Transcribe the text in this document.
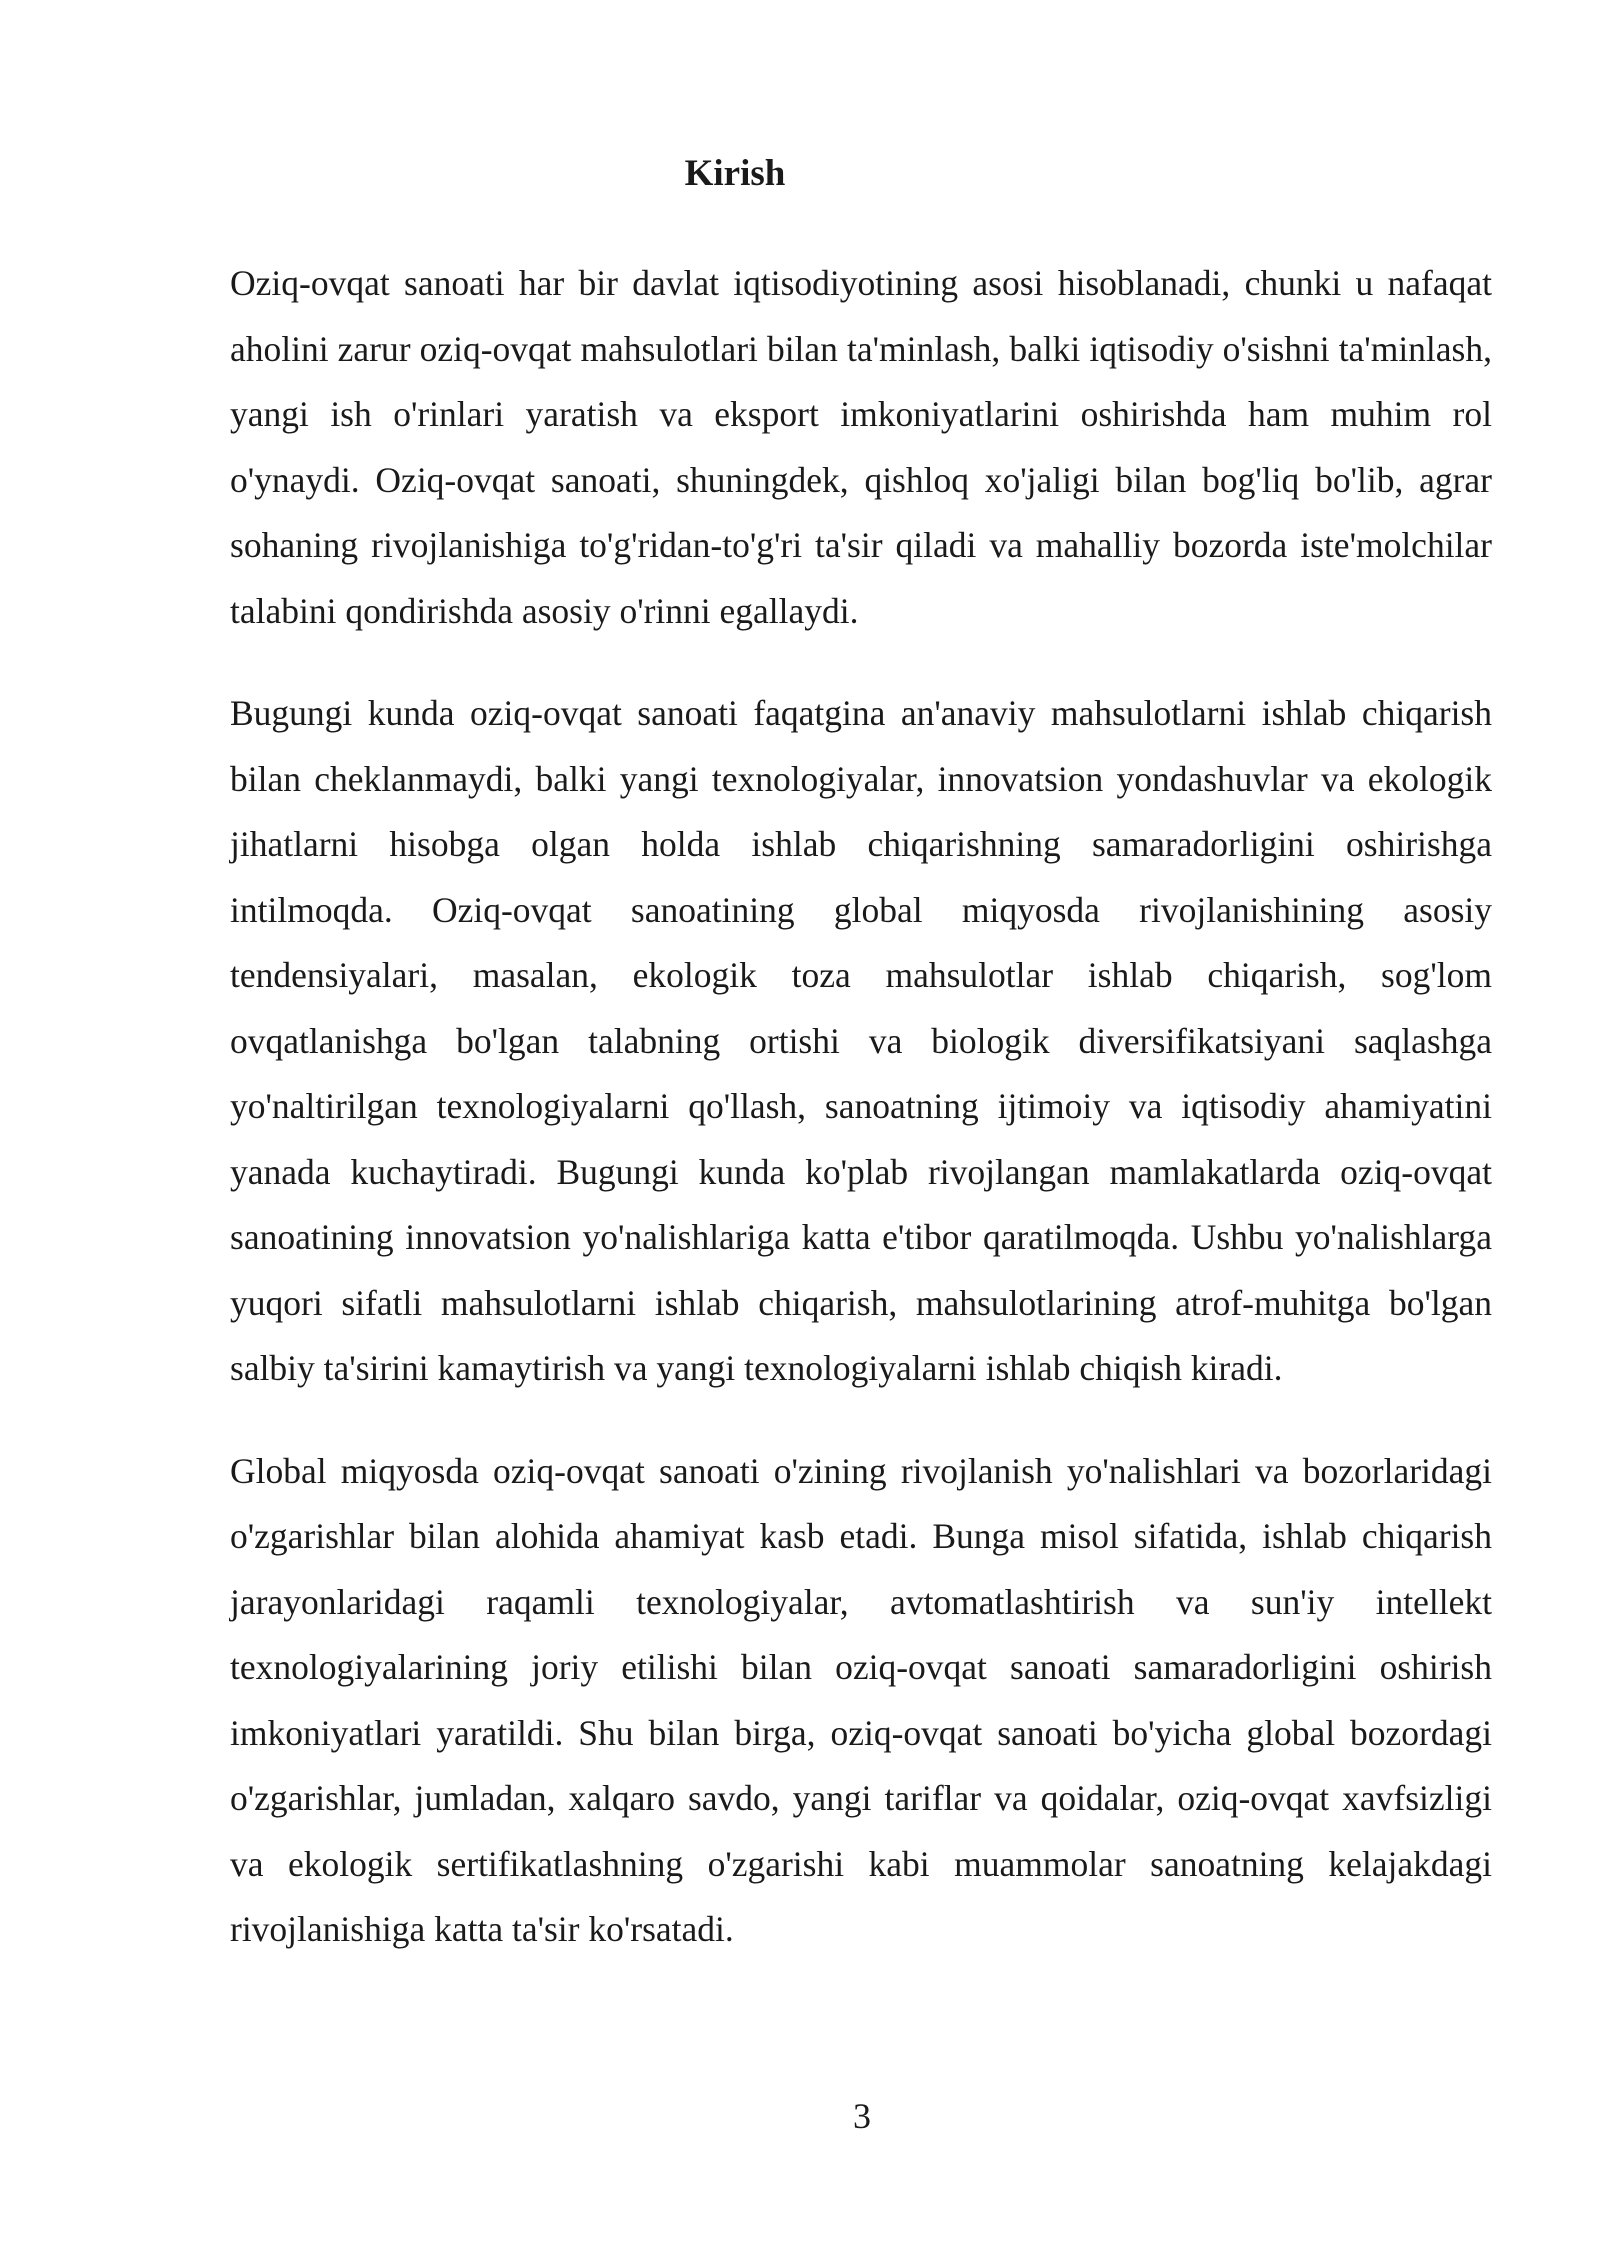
Kirish

Oziq-ovqat sanoati har bir davlat iqtisodiyotining asosi hisoblanadi, chunki u nafaqat aholini zarur oziq-ovqat mahsulotlari bilan ta'minlash, balki iqtisodiy o'sishni ta'minlash, yangi ish o'rinlari yaratish va eksport imkoniyatlarini oshirishda ham muhim rol o'ynaydi. Oziq-ovqat sanoati, shuningdek, qishloq xo'jaligi bilan bog'liq bo'lib, agrar sohaning rivojlanishiga to'g'ridan-to'g'ri ta'sir qiladi va mahalliy bozorda iste'molchilar talabini qondirishda asosiy o'rinni egallaydi.

Bugungi kunda oziq-ovqat sanoati faqatgina an'anaviy mahsulotlarni ishlab chiqarish bilan cheklanmaydi, balki yangi texnologiyalar, innovatsion yondashuvlar va ekologik jihatlarni hisobga olgan holda ishlab chiqarishning samaradorligini oshirishga intilmoqda. Oziq-ovqat sanoatining global miqyosda rivojlanishining asosiy tendensiyalari, masalan, ekologik toza mahsulotlar ishlab chiqarish, sog'lom ovqatlanishga bo'lgan talabning ortishi va biologik diversifikatsiyani saqlashga yo'naltirilgan texnologiyalarni qo'llash, sanoatning ijtimoiy va iqtisodiy ahamiyatini yanada kuchaytiradi. Bugungi kunda ko'plab rivojlangan mamlakatlarda oziq-ovqat sanoatining innovatsion yo'nalishlariga katta e'tibor qaratilmoqda. Ushbu yo'nalishlarga yuqori sifatli mahsulotlarni ishlab chiqarish, mahsulotlarining atrof-muhitga bo'lgan salbiy ta'sirini kamaytirish va yangi texnologiyalarni ishlab chiqish kiradi.

Global miqyosda oziq-ovqat sanoati o'zining rivojlanish yo'nalishlari va bozorlaridagi o'zgarishlar bilan alohida ahamiyat kasb etadi. Bunga misol sifatida, ishlab chiqarish jarayonlaridagi raqamli texnologiyalar, avtomatlashtirish va sun'iy intellekt texnologiyalarining joriy etilishi bilan oziq-ovqat sanoati samaradorligini oshirish imkoniyatlari yaratildi. Shu bilan birga, oziq-ovqat sanoati bo'yicha global bozordagi o'zgarishlar, jumladan, xalqaro savdo, yangi tariflar va qoidalar, oziq-ovqat xavfsizligi va ekologik sertifikatlashning o'zgarishi kabi muammolar sanoatning kelajakdagi rivojlanishiga katta ta'sir ko'rsatadi.

3
